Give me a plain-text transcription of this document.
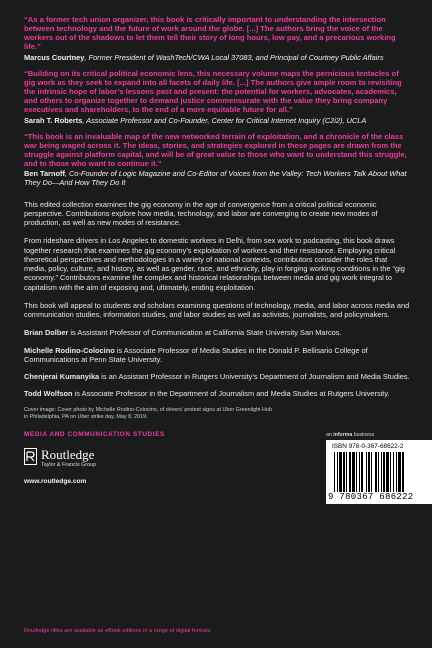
“As a former tech union organizer, this book is critically important to understanding the intersection between technology and the future of work around the globe. [...] The authors bring the voice of the workers out of the shadows to let them tell their story of long hours, low pay, and a precarious working life.”

Marcus Courtney, Former President of WashTech/CWA Local 37083, and Principal of Courtney Public Affairs

“Building on its critical political economic lens, this necessary volume maps the pernicious tentacles of gig work as they seek to expand into all facets of daily life. [...] The authors give ample room to revisiting the intrinsic hope of labor’s lessons past and present: the potential for workers, advocates, academics, and others to organize together to demand justice commensurate with the value they bring company executives and shareholders, to the end of a more equitable future for all.”

Sarah T. Roberts, Associate Professor and Co-Founder, Center for Critical Internet Inquiry (C2i2), UCLA

“This book is an invaluable map of the new networked terrain of exploitation, and a chronicle of the class war being waged across it. The ideas, stories, and strategies explored in these pages are drawn from the struggle against platform capital, and will be of great value to those who want to understand this struggle, and to those who want to continue it.”

Ben Tarnoff, Co-Founder of Logic Magazine and Co-Editor of Voices from the Valley: Tech Workers Talk About What They Do—And How They Do It

This edited collection examines the gig economy in the age of convergence from a critical political economic perspective. Contributions explore how media, technology, and labor are converging to create new modes of production, as well as new modes of resistance.

From rideshare drivers in Los Angeles to domestic workers in Delhi, from sex work to podcasting, this book draws together research that examines the gig economy’s exploitation of workers and their resistance. Employing critical theoretical perspectives and methodologies in a variety of national contexts, contributors consider the roles that media, policy, culture, and history, as well as gender, race, and ethnicity, play in forging working conditions in the “gig economy.” Contributors examine the complex and historical relationships between media and gig work integral to capitalism with the aim of exposing and, ultimately, ending exploitation.

This book will appeal to students and scholars examining questions of technology, media, and labor across media and communication studies, information studies, and labor studies as well as activists, journalists, and policymakers.

Brian Dolber is Assistant Professor of Communication at California State University San Marcos.

Michelle Rodino-Colocino is Associate Professor of Media Studies in the Donald P. Bellisario College of Communications at Penn State University.

Chenjerai Kumanyika is an Assistant Professor in Rutgers University’s Department of Journalism and Media Studies.

Todd Wolfson is Associate Professor in the Department of Journalism and Media Studies at Rutgers University.

Cover image: Cover photo by Michelle Rodino-Colocino, of drivers’ protest signs at Uber Greenlight Hub in Philadelphia, PA on Uber strike day, May 8, 2019.

MEDIA AND COMMUNICATION STUDIES

Routledge
Taylor & Francis Group
www.routledge.com
an informa business
ISBN 978-0-367-68622-2
9 780367 686222
Routledge titles are available as eBook editions in a range of digital formats
